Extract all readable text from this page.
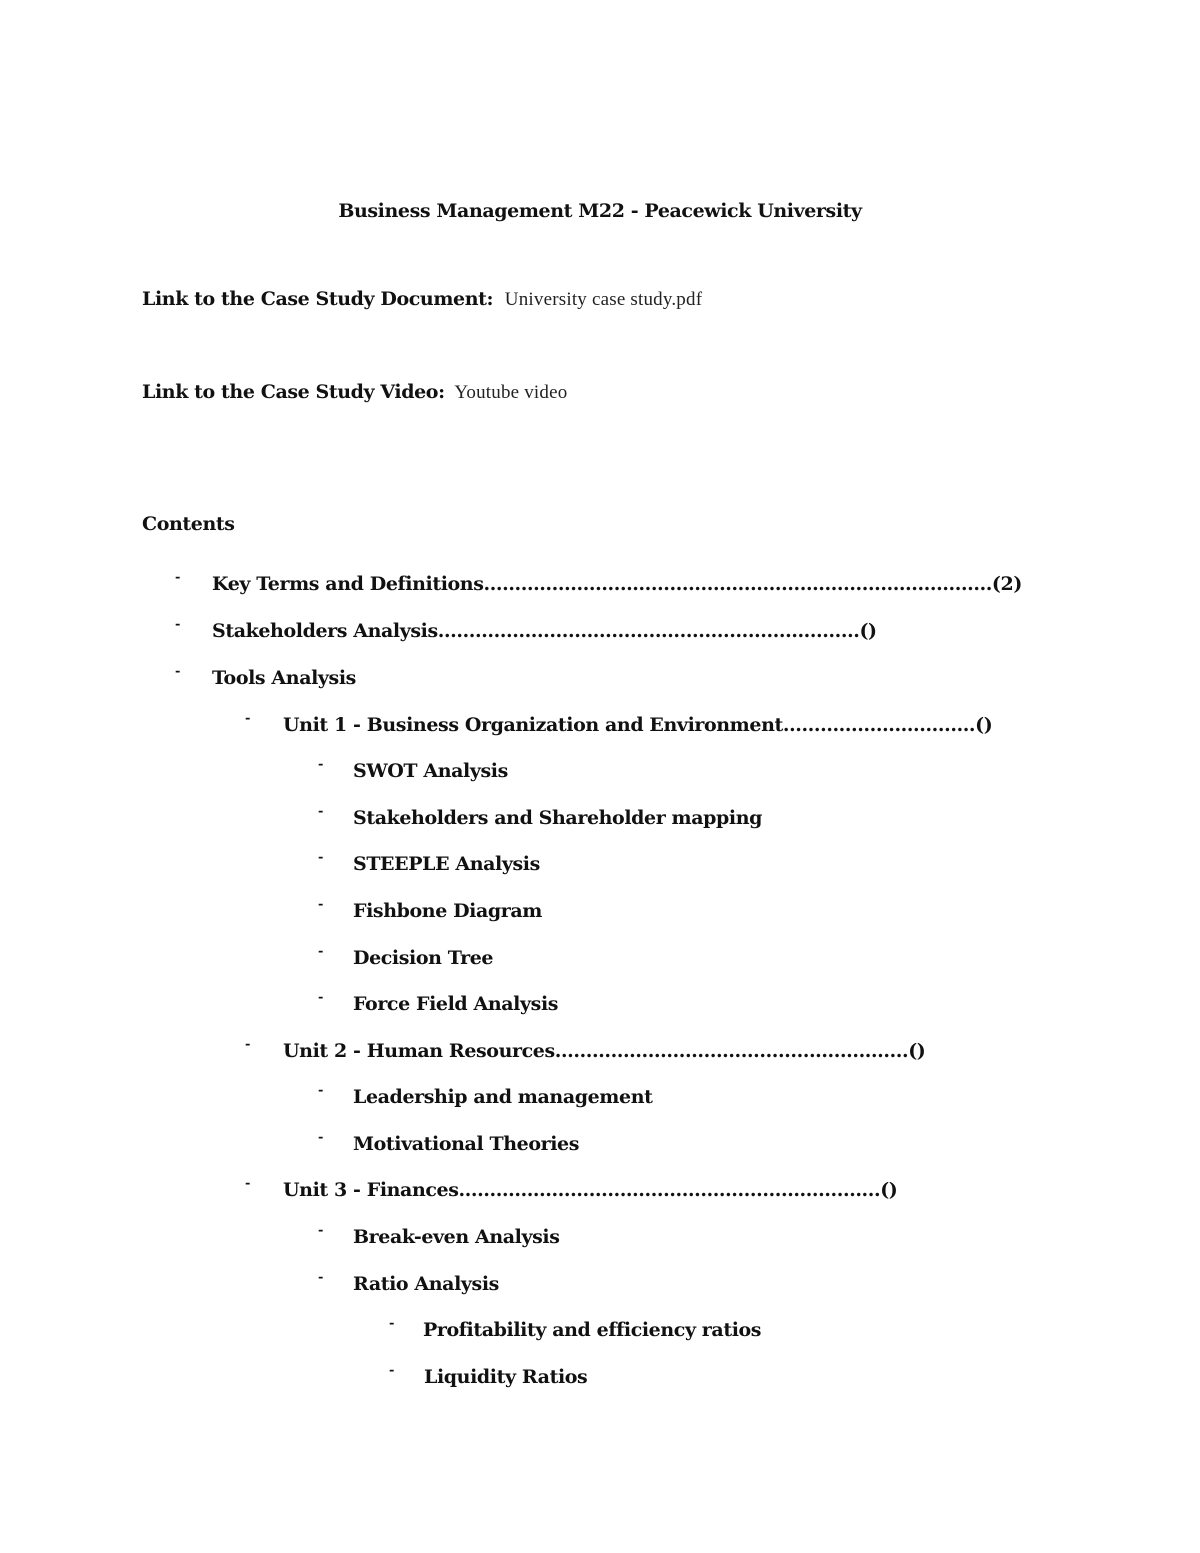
Business Management M22 - Peacewick University
Link to the Case Study Document: University case study.pdf
Link to the Case Study Video: Youtube video
Contents
- Key Terms and Definitions……………………………………………….………………………(2)
- Stakeholders Analysis………………….…………..……..……………………()
- Tools Analysis
- Unit 1 - Business Organization and Environment……………….……..….()
- SWOT Analysis
- Stakeholders and Shareholder mapping
- STEEPLE Analysis
- Fishbone Diagram
- Decision Tree
- Force Field Analysis
- Unit 2 - Human Resources…………………………………………..…….()
- Leadership and management
- Motivational Theories
- Unit 3 - Finances………………………………………….………….…...()
- Break-even Analysis
- Ratio Analysis
- Profitability and efficiency ratios
- Liquidity Ratios
